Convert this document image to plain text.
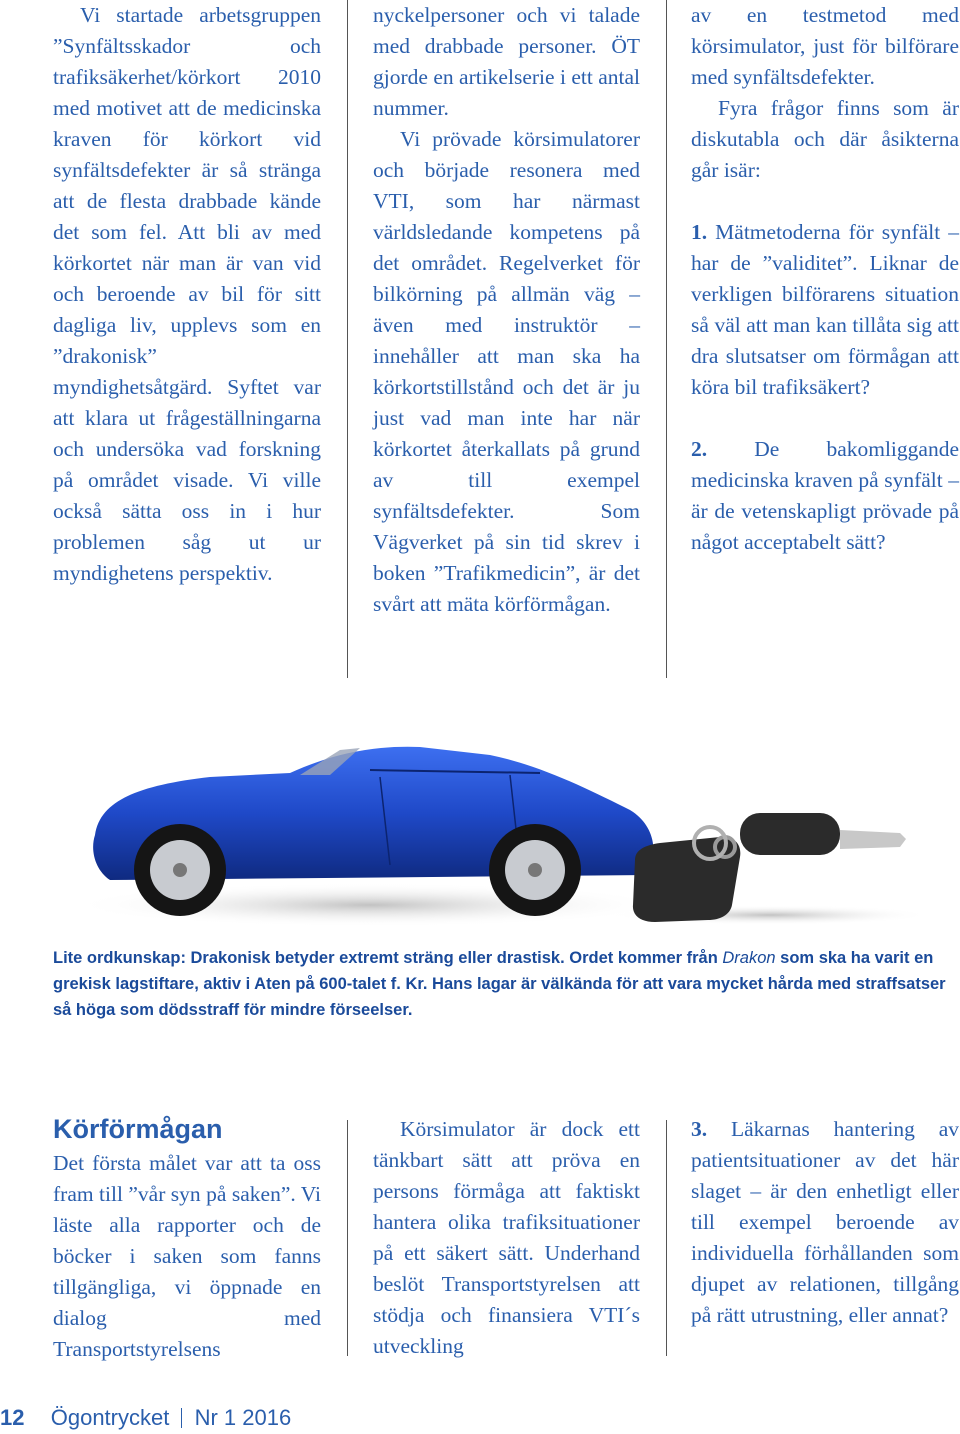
Vi startade arbetsgruppen ”Synfältsskador och trafiksäkerhet/körkort 2010 med motivet att de medicinska kraven för körkort vid synfältsdefekter är så stränga att de flesta drabbade kände det som fel. Att bli av med körkortet när man är van vid och beroende av bil för sitt dagliga liv, upplevs som en ”drakonisk” myndighetsåtgärd. Syftet var att klara ut frågeställningarna och undersöka vad forskning på området visade. Vi ville också sätta oss in i hur problemen såg ut ur myndighetens perspektiv.

nyckelpersoner och vi talade med drabbade personer. ÖT gjorde en artikelserie i ett antal nummer.

Vi prövade körsimulatorer och började resonera med VTI, som har närmast världsledande kompetens på det området. Regelverket för bilkörning på allmän väg – även med instruktör – innehåller att man ska ha körkortstillstånd och det är ju just vad man inte har när körkortet återkallats på grund av till exempel synfältsdefekter. Som Vägverket på sin tid skrev i boken ”Trafikmedicin”, är det svårt att mäta körförmågan.

av en testmetod med körsimulator, just för bilförare med synfältsdefekter.

Fyra frågor finns som är diskutabla och där åsikterna går isär:

1. Mätmetoderna för synfält – har de ”validitet”. Liknar de verkligen bilförarens situation så väl att man kan tillåta sig att dra slutsatser om förmågan att köra bil trafiksäkert?

2. De bakomliggande medicinska kraven på synfält – är de vetenskapligt prövade på något acceptabelt sätt?

Lite ordkunskap: Drakonisk betyder extremt sträng eller drastisk. Ordet kommer från Drakon som ska ha varit en grekisk lagstiftare, aktiv i Aten på 600-talet f. Kr. Hans lagar är välkända för att vara mycket hårda med straffsatser så höga som dödsstraff för mindre förseelser.
Körförmågan

Det första målet var att ta oss fram till ”vår syn på saken”. Vi läste alla rapporter och de böcker i saken som fanns tillgängliga, vi öppnade en dialog med Transportstyrelsens

Körsimulator är dock ett tänkbart sätt att pröva en persons förmåga att faktiskt hantera olika trafiksituationer på ett säkert sätt. Underhand beslöt Transportstyrelsen att stödja och finansiera VTI´s utveckling

3. Läkarnas hantering av patientsituationer av det här slaget – är den enhetligt eller till exempel beroende av individuella förhållanden som djupet av relationen, tillgång på rätt utrustning, eller annat?

12 Ögontrycket Nr 1 2016
